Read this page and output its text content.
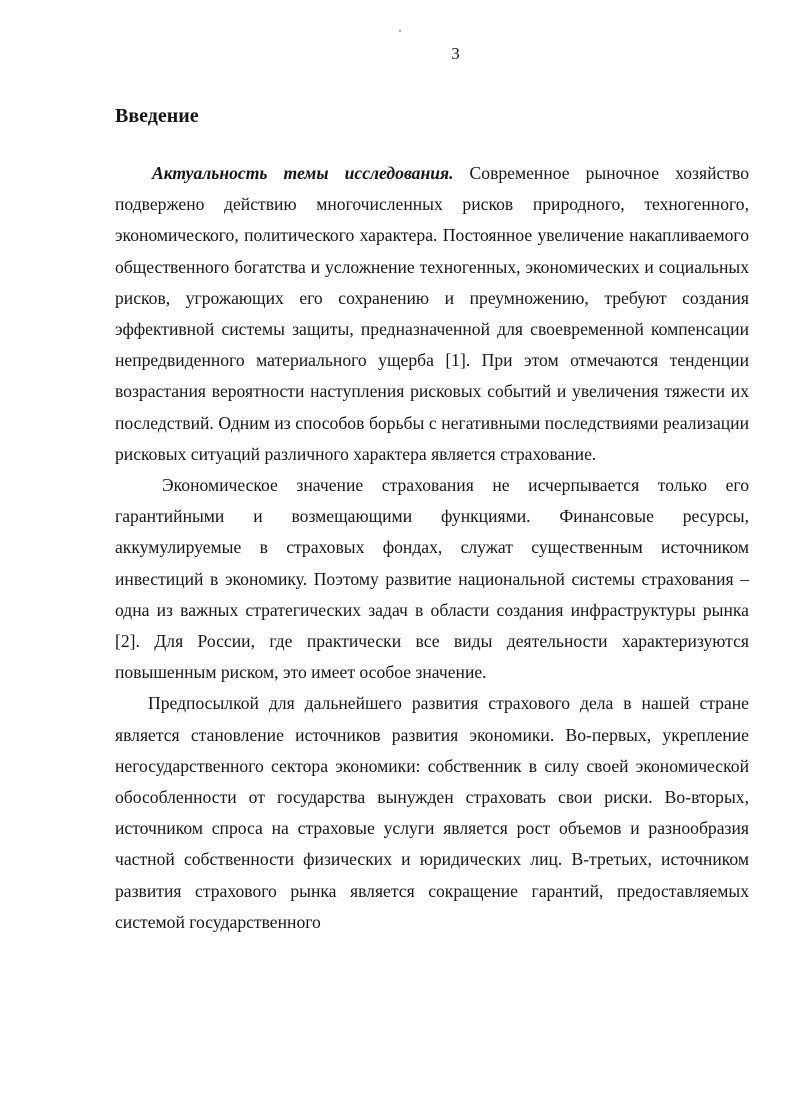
3
Введение

Актуальность темы исследования. Современное рыночное хозяйство подвержено действию многочисленных рисков природного, техногенного, экономического, политического характера. Постоянное увеличение накапливаемого общественного богатства и усложнение техногенных, экономических и социальных рисков, угрожающих его сохранению и преумножению, требуют создания эффективной системы защиты, предназначенной для своевременной компенсации непредвиденного материального ущерба [1]. При этом отмечаются тенденции возрастания вероятности наступления рисковых событий и увеличения тяжести их последствий. Одним из способов борьбы с негативными последствиями реализации рисковых ситуаций различного характера является страхование.

Экономическое значение страхования не исчерпывается только его гарантийными и возмещающими функциями. Финансовые ресурсы, аккумулируемые в страховых фондах, служат существенным источником инвестиций в экономику. Поэтому развитие национальной системы страхования – одна из важных стратегических задач в области создания инфраструктуры рынка [2]. Для России, где практически все виды деятельности характеризуются повышенным риском, это имеет особое значение.

Предпосылкой для дальнейшего развития страхового дела в нашей стране является становление источников развития экономики. Во-первых, укрепление негосударственного сектора экономики: собственник в силу своей экономической обособленности от государства вынужден страховать свои риски. Во-вторых, источником спроса на страховые услуги является рост объемов и разнообразия частной собственности физических и юридических лиц. В-третьих, источником развития страхового рынка является сокращение гарантий, предоставляемых системой государственного
